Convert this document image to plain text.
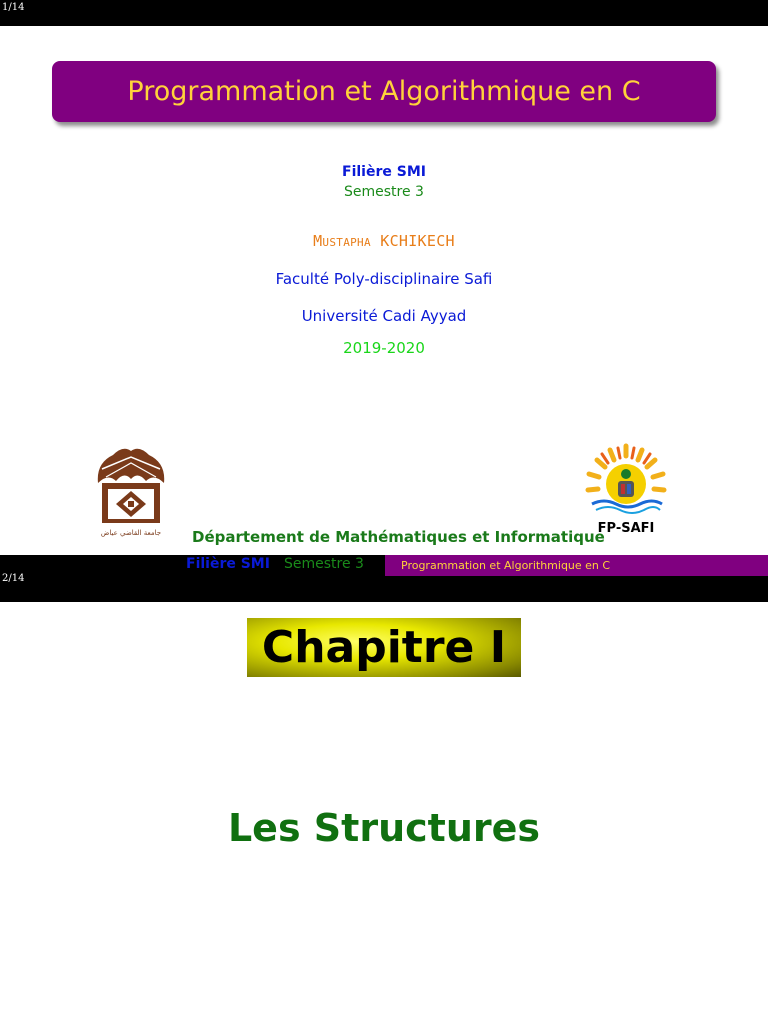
1/14
Programmation et Algorithmique en C
Filière SMI
Semestre 3
Mustapha KCHIKECH
Faculté Poly-disciplinaire Safi
Université Cadi Ayyad
2019-2020
جامعة القاضي عياض	FP-SAFI
Département de Mathématiques et Informatique
Filière SMI Semestre 3	Programmation et Algorithmique en C
2/14
Chapitre I
Les Structures
